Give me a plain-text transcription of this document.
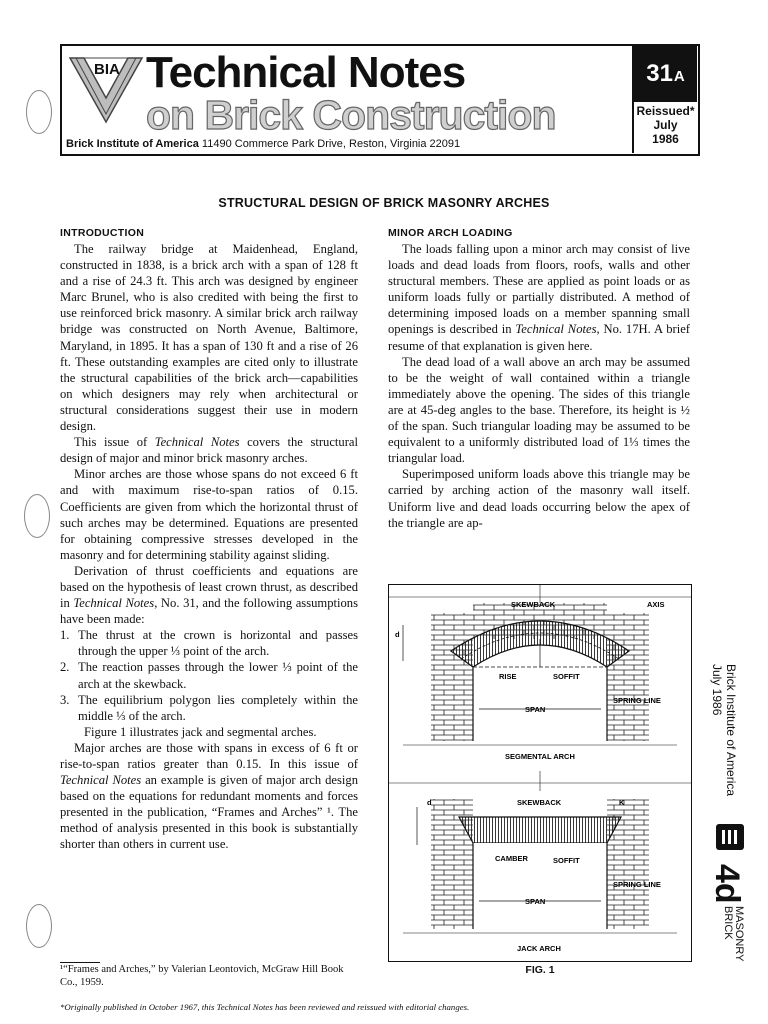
BIA Technical Notes
on Brick Construction
Brick Institute of America 11490 Commerce Park Drive, Reston, Virginia 22091
31 A
Reissued*
July
1986
STRUCTURAL DESIGN OF BRICK MASONRY ARCHES
INTRODUCTION

The railway bridge at Maidenhead, England, constructed in 1838, is a brick arch with a span of 128 ft and a rise of 24.3 ft. This arch was designed by engineer Marc Brunel, who is also credited with being the first to use reinforced brick masonry. A similar brick arch railway bridge was constructed on North Avenue, Baltimore, Maryland, in 1895. It has a span of 130 ft and a rise of 26 ft. These outstanding examples are cited only to illustrate the structural capabilities of the brick arch—capabilities on which designers may rely when architectural or structural considerations suggest their use in modern design.

This issue of Technical Notes covers the structural design of major and minor brick masonry arches.

Minor arches are those whose spans do not exceed 6 ft and with maximum rise-to-span ratios of 0.15. Coefficients are given from which the horizontal thrust of such arches may be determined. Equations are presented for obtaining compressive stresses developed in the masonry and for determining stability against sliding.

Derivation of thrust coefficients and equations are based on the hypothesis of least crown thrust, as described in Technical Notes, No. 31, and the following assumptions have been made:

1. The thrust at the crown is horizontal and passes through the upper ⅓ point of the arch.
2. The reaction passes through the lower ⅓ point of the arch at the skewback.
3. The equilibrium polygon lies completely within the middle ⅓ of the arch.

Figure 1 illustrates jack and segmental arches.

Major arches are those with spans in excess of 6 ft or rise-to-span ratios greater than 0.15. In this issue of Technical Notes an example is given of major arch design based on the equations for redundant moments and forces presented in the publication, “Frames and Arches” ¹. The method of analysis presented in this book is substantially shorter than others in current use.

¹“Frames and Arches,” by Valerian Leontovich, McGraw Hill Book Co., 1959.
MINOR ARCH LOADING

The loads falling upon a minor arch may consist of live loads and dead loads from floors, roofs, walls and other structural members. These are applied as point loads or as uniform loads fully or partially distributed. A method of determining imposed loads on a member spanning small openings is described in Technical Notes, No. 17H. A brief resume of that explanation is given here.

The dead load of a wall above an arch may be assumed to be the weight of wall contained within a triangle immediately above the opening. The sides of this triangle are at 45-deg angles to the base. Therefore, its height is ½ of the span. Such triangular loading may be assumed to be equivalent to a uniformly distributed load of 1⅓ times the triangular load.

Superimposed uniform loads above this triangle may be carried by arching action of the masonry wall itself. Uniform live and dead loads occurring below the apex of the triangle are ap-

SKEWBACK	AXIS
d
RISE	SOFFIT
SPAN
SPRING LINE
SEGMENTAL ARCH
SKEWBACK	K
d
CAMBER	SOFFIT
SPAN
SPRING LINE
JACK ARCH
FIG. 1
Brick Institute of America
July 1986
4d
MASONRY
BRICK
*Originally published in October 1967, this Technical Notes has been reviewed and reissued with editorial changes.
